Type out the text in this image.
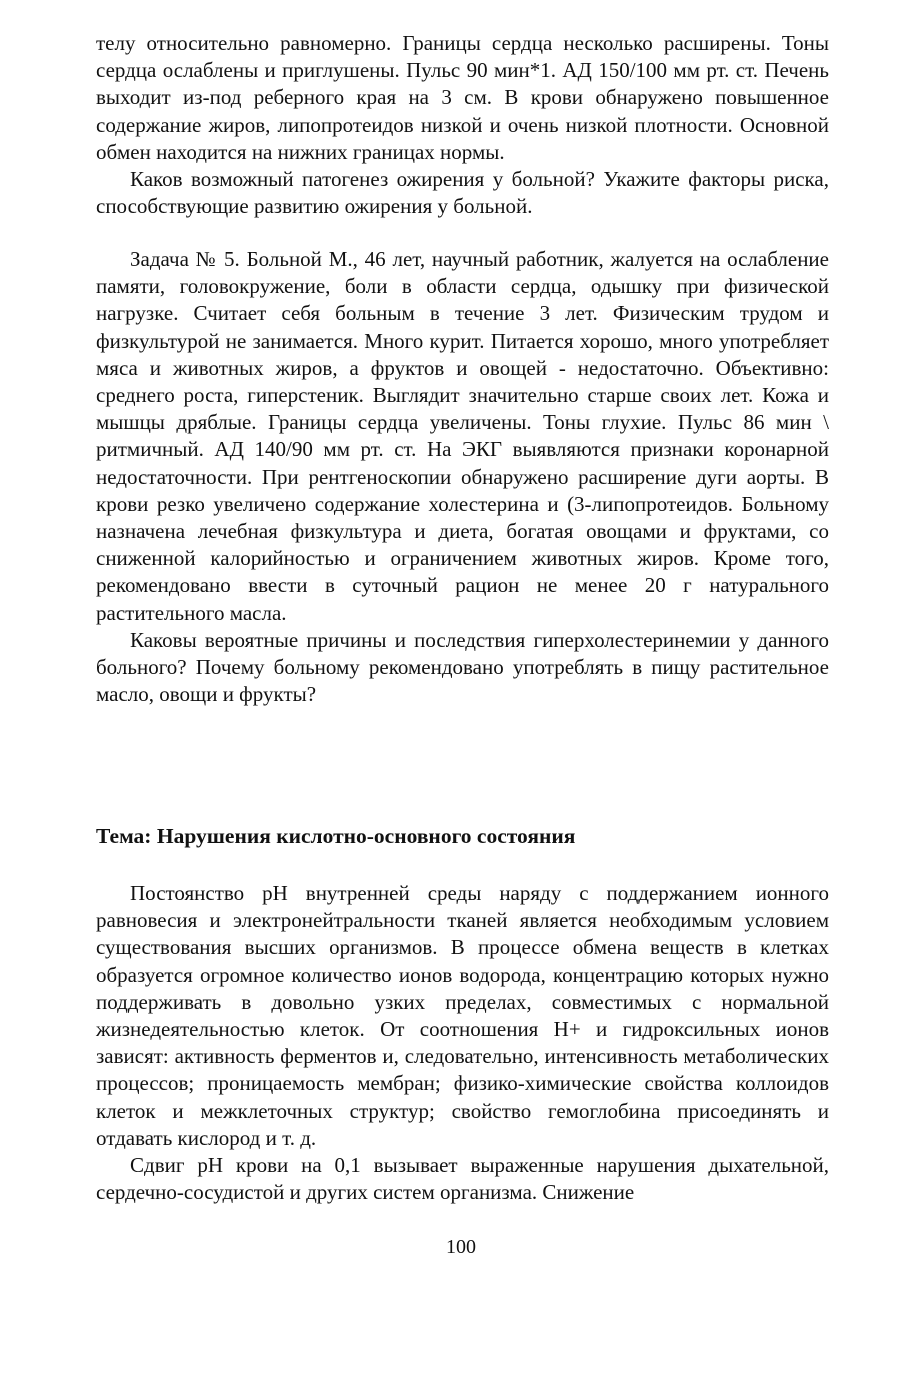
телу относительно равномерно. Границы сердца несколько расширены. Тоны сердца ослаблены и приглушены. Пульс 90 мин*1. АД 150/100 мм рт. ст. Печень выходит из-под реберного края на 3 см. В крови обнаружено повышенное содержание жиров, липопротеидов низкой и очень низкой плотности. Основной обмен находится на нижних границах нормы.

Каков возможный патогенез ожирения у больной? Укажите факторы риска, способствующие развитию ожирения у больной.

Задача № 5. Больной М., 46 лет, научный работник, жалуется на ослабление памяти, головокружение, боли в области сердца, одышку при физической нагрузке. Считает себя больным в течение 3 лет. Физическим трудом и физкультурой не занимается. Много курит. Питается хорошо, много употребляет мяса и животных жиров, а фруктов и овощей - недостаточно. Объективно: среднего роста, гиперстеник. Выглядит значительно старше своих лет. Кожа и мышцы дряблые. Границы сердца увеличены. Тоны глухие. Пульс 86 мин \ ритмичный. АД 140/90 мм рт. ст. На ЭКГ выявляются признаки коронарной недостаточности. При рентгеноскопии обнаружено расширение дуги аорты. В крови резко увеличено содержание холестерина и (3-липопротеидов. Больному назначена лечебная физкультура и диета, богатая овощами и фруктами, со сниженной калорийностью и ограничением животных жиров. Кроме того, рекомендовано ввести в суточный рацион не менее 20 г натурального растительного масла.

Каковы вероятные причины и последствия гиперхолестеринемии у данного больного? Почему больному рекомендовано употреблять в пищу растительное масло, овощи и фрукты?

Тема: Нарушения кислотно-основного состояния

Постоянство pH внутренней среды наряду с поддержанием ионного равновесия и электронейтральности тканей является необходимым условием существования высших организмов. В процессе обмена веществ в клетках образуется огромное количество ионов водорода, концентрацию которых нужно поддерживать в довольно узких пределах, совместимых с нормальной жизнедеятельностью клеток. От соотношения Н+ и гидроксильных ионов зависят: активность ферментов и, следовательно, интенсивность метаболических процессов; проницаемость мембран; физико-химические свойства коллоидов клеток и межклеточных структур; свойство гемоглобина присоединять и отдавать кислород и т. д.

Сдвиг pH крови на 0,1 вызывает выраженные нарушения дыхательной, сердечно-сосудистой и других систем организма. Снижение

100
